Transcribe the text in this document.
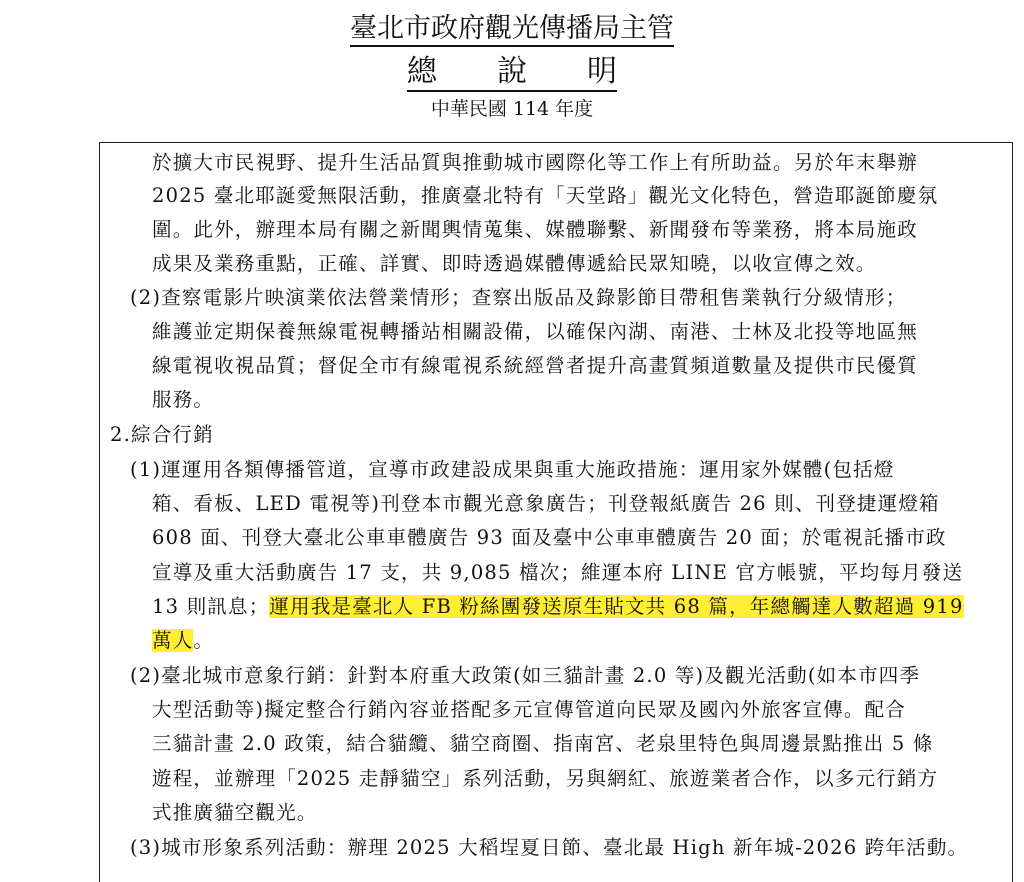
臺北市政府觀光傳播局主管
總　　說　　明
中華民國 114 年度
於擴大市民視野、提升生活品質與推動城市國際化等工作上有所助益。另於年末舉辦
2025 臺北耶誕愛無限活動，推廣臺北特有「天堂路」觀光文化特色，營造耶誕節慶氛
圍。此外，辦理本局有關之新聞輿情蒐集、媒體聯繫、新聞發布等業務，將本局施政
成果及業務重點，正確、詳實、即時透過媒體傳遞給民眾知曉，以收宣傳之效。
(2)查察電影片映演業依法營業情形；查察出版品及錄影節目帶租售業執行分級情形；
維護並定期保養無線電視轉播站相關設備，以確保內湖、南港、士林及北投等地區無
線電視收視品質；督促全市有線電視系統經營者提升高畫質頻道數量及提供市民優質
服務。
2.綜合行銷
(1)運運用各類傳播管道，宣導市政建設成果與重大施政措施：運用家外媒體(包括燈
箱、看板、LED 電視等)刊登本市觀光意象廣告；刊登報紙廣告 26 則、刊登捷運燈箱
608 面、刊登大臺北公車車體廣告 93 面及臺中公車車體廣告 20 面；於電視託播市政
宣導及重大活動廣告 17 支，共 9,085 檔次；維運本府 LINE 官方帳號，平均每月發送
13 則訊息；運用我是臺北人 FB 粉絲團發送原生貼文共 68 篇，年總觸達人數超過 919
萬人。
(2)臺北城市意象行銷：針對本府重大政策(如三貓計畫 2.0 等)及觀光活動(如本市四季
大型活動等)擬定整合行銷內容並搭配多元宣傳管道向民眾及國內外旅客宣傳。配合
三貓計畫 2.0 政策，結合貓纜、貓空商圈、指南宮、老泉里特色與周邊景點推出 5 條
遊程，並辦理「2025 走靜貓空」系列活動，另與網紅、旅遊業者合作，以多元行銷方
式推廣貓空觀光。
(3)城市形象系列活動：辦理 2025 大稻埕夏日節、臺北最 High 新年城-2026 跨年活動。
